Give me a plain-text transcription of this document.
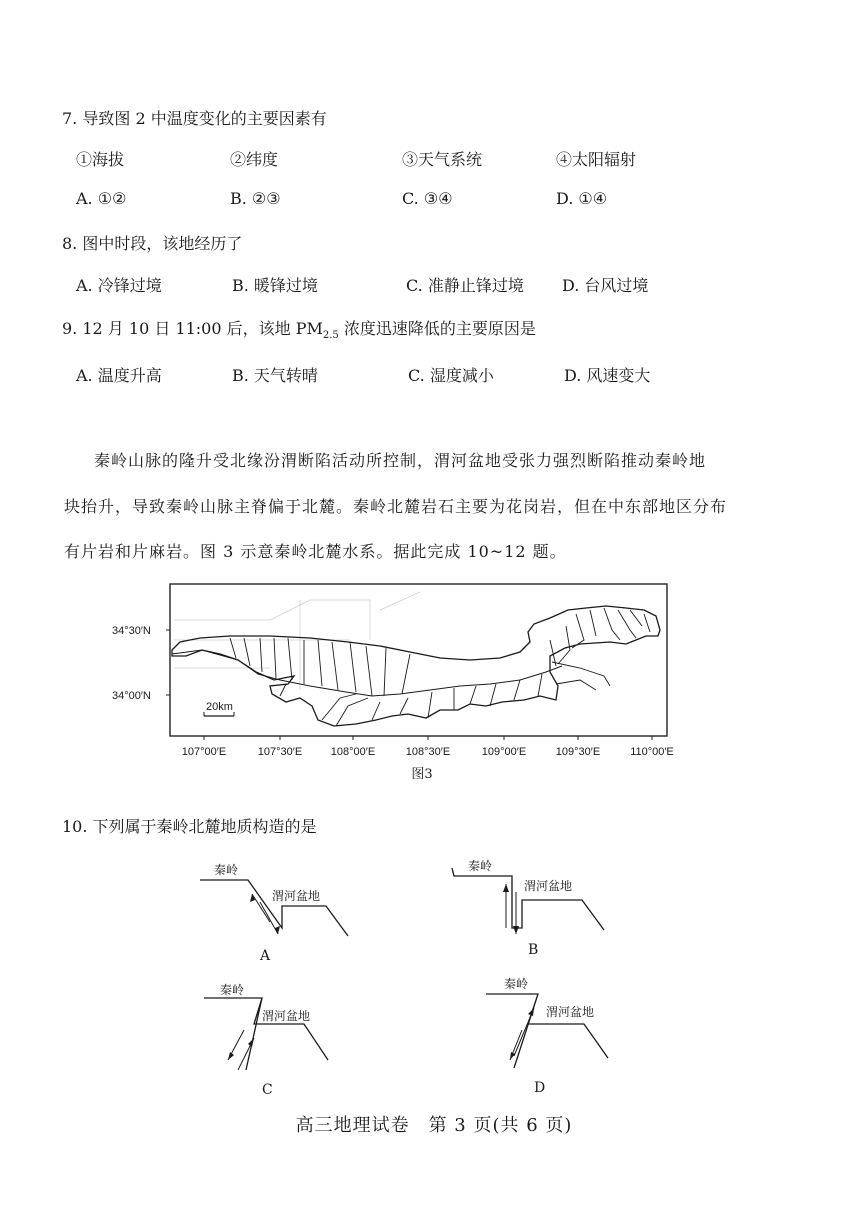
7. 导致图 2 中温度变化的主要因素有
①海拔	②纬度	③天气系统	④太阳辐射
A. ①②	B. ②③	C. ③④	D. ①④
8. 图中时段，该地经历了
A. 冷锋过境	B. 暖锋过境	C. 准静止锋过境 D. 台风过境
9. 12 月 10 日 11:00 后，该地 $PM_{2.5}$ 浓度迅速降低的主要原因是
A. 温度升高	B. 天气转晴	C. 湿度减小	D. 风速变大
秦岭山脉的隆升受北缘汾渭断陷活动所控制，渭河盆地受张力强烈断陷推动秦岭地
块抬升，导致秦岭山脉主脊偏于北麓。秦岭北麓岩石主要为花岗岩，但在中东部地区分布
有片岩和片麻岩。图 3 示意秦岭北麓水系。据此完成 10~12 题。
20km
34°30′N
34°00′N
107°00′E	107°30′E	108°00′E	108°30′E	109°00′E	109°30′E	110°00′E
图3
10. 下列属于秦岭北麓地质构造的是
秦岭
渭河盆地
A
秦岭
渭河盆地
B
秦岭
渭河盆地
C
秦岭
渭河盆地
D
高三地理试卷　第 3 页(共 6 页)
